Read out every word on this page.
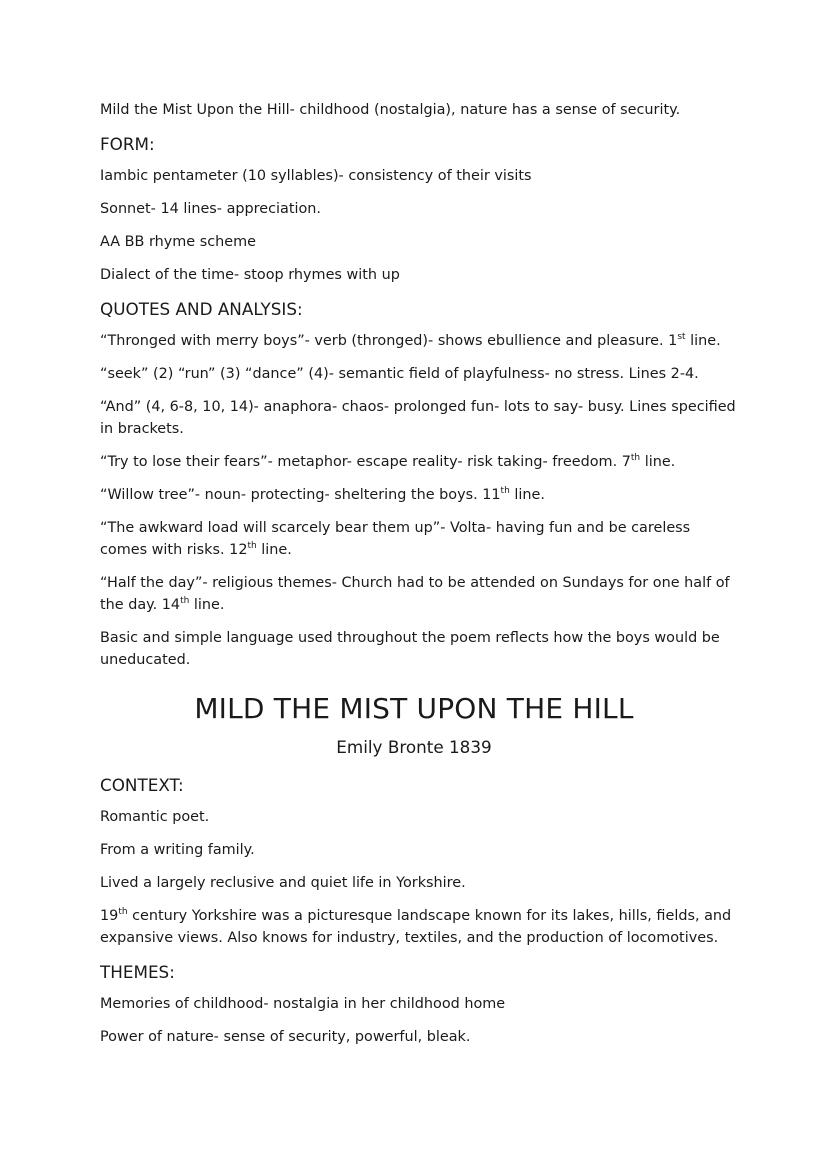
Mild the Mist Upon the Hill- childhood (nostalgia), nature has a sense of security.

FORM:

Iambic pentameter (10 syllables)- consistency of their visits

Sonnet- 14 lines- appreciation.

AA BB rhyme scheme

Dialect of the time- stoop rhymes with up

QUOTES AND ANALYSIS:

“Thronged with merry boys”- verb (thronged)- shows ebullience and pleasure. 1st line.

“seek” (2) “run” (3) “dance” (4)- semantic field of playfulness- no stress. Lines 2-4.

“And” (4, 6-8, 10, 14)- anaphora- chaos- prolonged fun- lots to say- busy. Lines specified in brackets.

“Try to lose their fears”- metaphor- escape reality- risk taking- freedom. 7th line.

“Willow tree”- noun- protecting- sheltering the boys. 11th line.

“The awkward load will scarcely bear them up”- Volta- having fun and be careless comes with risks. 12th line.

“Half the day”- religious themes- Church had to be attended on Sundays for one half of the day. 14th line.

Basic and simple language used throughout the poem reflects how the boys would be uneducated.

MILD THE MIST UPON THE HILL
Emily Bronte 1839

CONTEXT:

Romantic poet.

From a writing family.

Lived a largely reclusive and quiet life in Yorkshire.

19th century Yorkshire was a picturesque landscape known for its lakes, hills, fields, and expansive views. Also knows for industry, textiles, and the production of locomotives.

THEMES:

Memories of childhood- nostalgia in her childhood home

Power of nature- sense of security, powerful, bleak.
